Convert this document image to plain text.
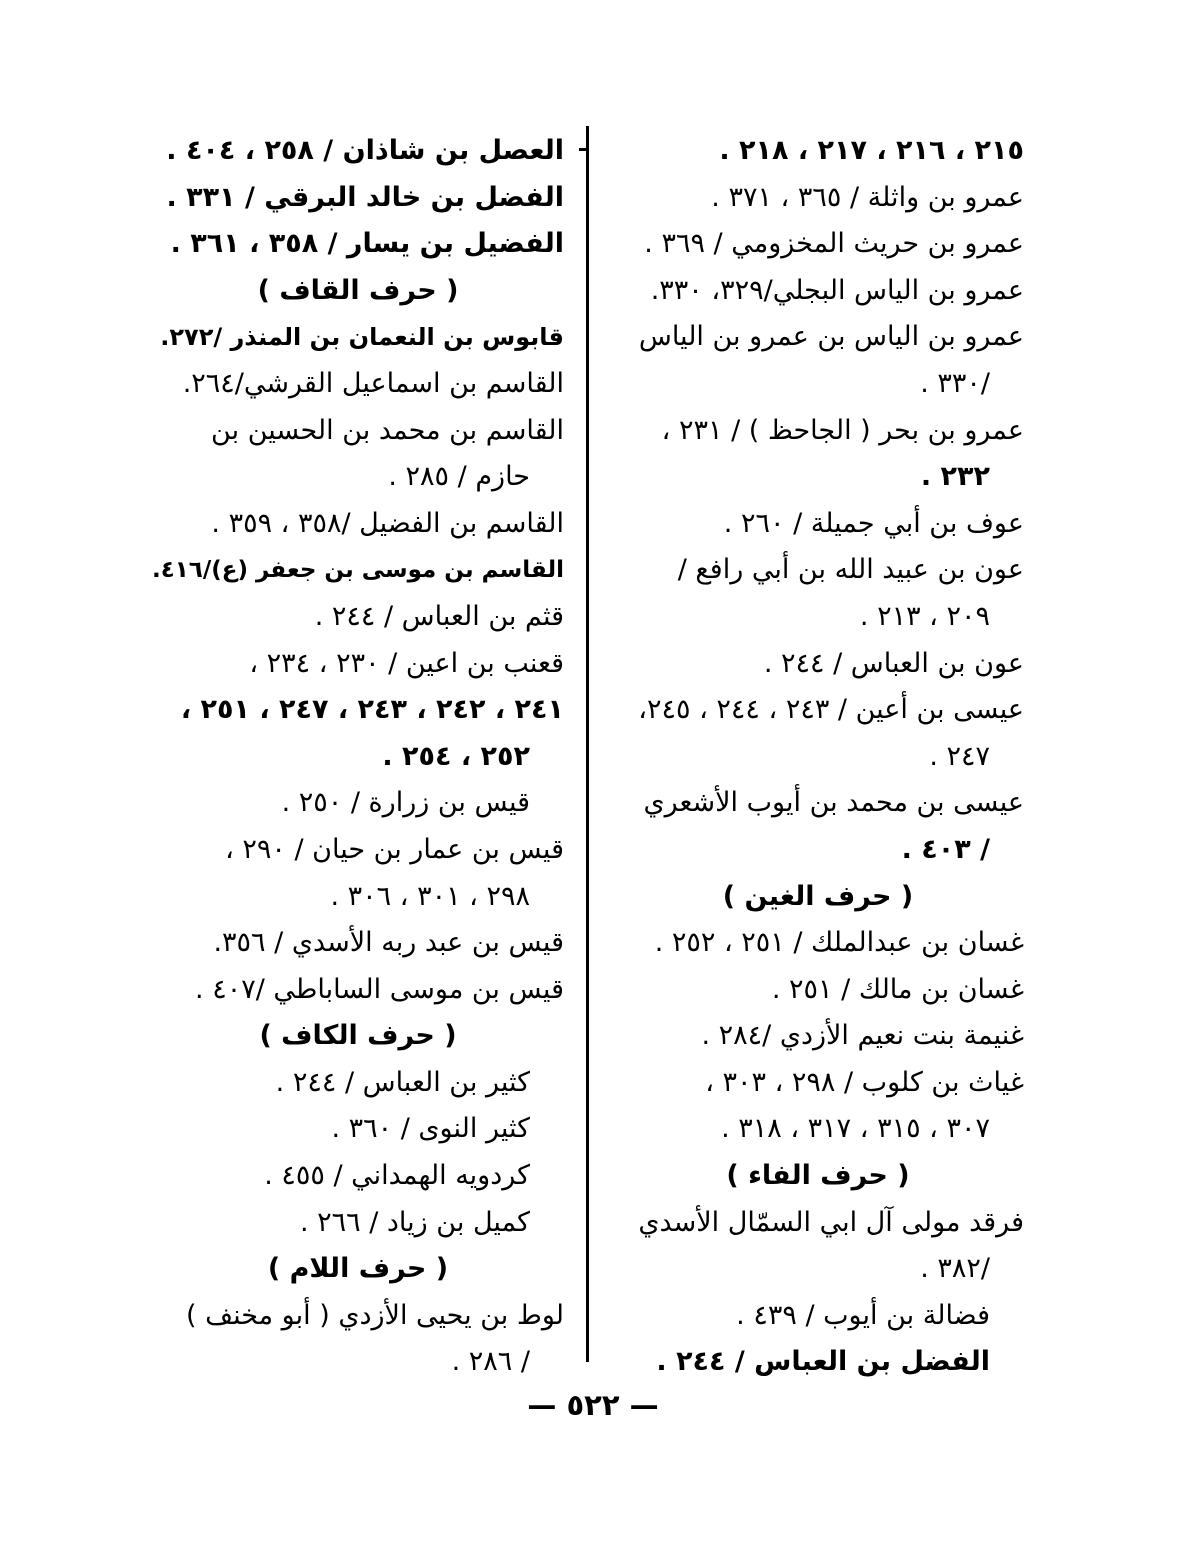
٢١٥ ، ٢١٦ ، ٢١٧ ، ٢١٨ .
عمرو بن واثلة / ٣٦٥ ، ٣٧١ .
عمرو بن حريث المخزومي / ٣٦٩ .
عمرو بن الياس البجلي/٣٢٩، ٣٣٠.
عمرو بن الياس بن عمرو بن الياس
/٣٣٠ .
عمرو بن بحر ( الجاحظ ) / ٢٣١ ،
٢٣٢ .
عوف بن أبي جميلة / ٢٦٠ .
عون بن عبيد الله بن أبي رافع /
٢٠٩ ، ٢١٣ .
عون بن العباس / ٢٤٤ .
عيسى بن أعين / ٢٤٣ ، ٢٤٤ ، ٢٤٥،
٢٤٧ .
عيسى بن محمد بن أيوب الأشعري
/ ٤٠٣ .
( حرف الغين )
غسان بن عبدالملك / ٢٥١ ، ٢٥٢ .
غسان بن مالك / ٢٥١ .
غنيمة بنت نعيم الأزدي /٢٨٤ .
غياث بن كلوب / ٢٩٨ ، ٣٠٣ ،
٣٠٧ ، ٣١٥ ، ٣١٧ ، ٣١٨ .
( حرف الفاء )
فرقد مولى آل ابي السمّال الأسدي
/٣٨٢ .
فضالة بن أيوب / ٤٣٩ .
الفضل بن العباس / ٢٤٤ .
العصل بن شاذان / ٢٥٨ ، ٤٠٤ .
الفضل بن خالد البرقي / ٣٣١ .
الفضيل بن يسار / ٣٥٨ ، ٣٦١ .
( حرف القاف )
قابوس بن النعمان بن المنذر /٢٧٢.
القاسم بن اسماعيل القرشي/٢٦٤.
القاسم بن محمد بن الحسين بن
حازم / ٢٨٥ .
القاسم بن الفضيل /٣٥٨ ، ٣٥٩ .
القاسم بن موسى بن جعفر (ع)/٤١٦.
قثم بن العباس / ٢٤٤ .
قعنب بن اعين / ٢٣٠ ، ٢٣٤ ،
٢٤١ ، ٢٤٢ ، ٢٤٣ ، ٢٤٧ ، ٢٥١ ،
٢٥٢ ، ٢٥٤ .
قيس بن زرارة / ٢٥٠ .
قيس بن عمار بن حيان / ٢٩٠ ،
٢٩٨ ، ٣٠١ ، ٣٠٦ .
قيس بن عبد ربه الأسدي / ٣٥٦.
قيس بن موسى الساباطي /٤٠٧ .
( حرف الكاف )
كثير بن العباس / ٢٤٤ .
كثير النوى / ٣٦٠ .
كردويه الهمداني / ٤٥٥ .
كميل بن زياد / ٢٦٦ .
( حرف اللام )
لوط بن يحيى الأزدي ( أبو مخنف )
/ ٢٨٦ .
— ٥٢٢ —
